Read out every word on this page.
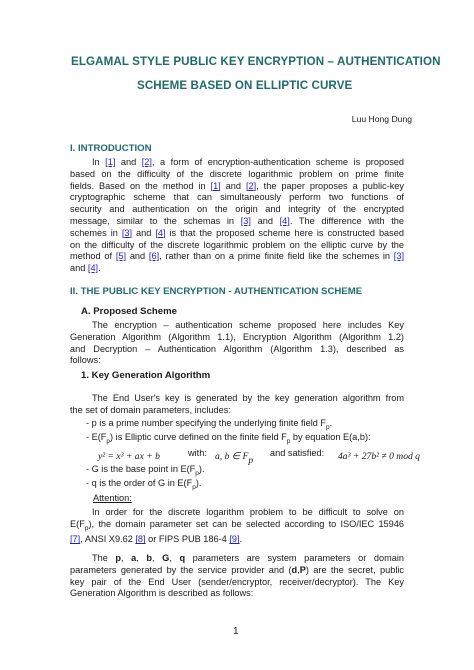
ELGAMAL STYLE PUBLIC KEY ENCRYPTION – AUTHENTICATION
SCHEME BASED ON ELLIPTIC CURVE
Luu Hong Dung
I. INTRODUCTION
In [1] and [2], a form of encryption-authentication scheme is proposed
based on the difficulty of the discrete logarithmic problem on prime finite
fields. Based on the method in [1] and [2], the paper proposes a public-key
cryptographic scheme that can simultaneously perform two functions of
security and authentication on the origin and integrity of the encrypted
message, similar to the schemas in [3] and [4]. The difference with the
schemes in [3] and [4] is that the proposed scheme here is constructed based
on the difficulty of the discrete logarithmic problem on the elliptic curve by the
method of [5] and [6], rather than on a prime finite field like the schemes in [3]
and [4].
II. THE PUBLIC KEY ENCRYPTION - AUTHENTICATION SCHEME
A. Proposed Scheme
The encryption – authentication scheme proposed here includes Key
Generation Algorithm (Algorithm 1.1), Encryption Algorithm (Algorithm 1.2)
and Decryption – Authentication Algorithm (Algorithm 1.3), described as
follows:
1. Key Generation Algorithm
The End User's key is generated by the key generation algorithm from
the set of domain parameters, includes:
- p is a prime number specifying the underlying finite field $F_p$.
- $E(F_p)$ is Elliptic curve defined on the finite field $F_p$ by equation E(a,b):
y² = x³ + ax + b	with: a, b ∈ $F_p$
and satisfied: 4a³ + 27b² ≠ 0 mod q
- G is the base point in $E(F_p)$.
- q is the order of G in $E(F_p)$.
Attention:
In order for the discrete logarithm problem to be difficult to solve on
$E(F_p)$, the domain parameter set can be selected according to ISO/IEC 15946
[7], ANSI X9.62 [8] or FIPS PUB 186-4 [9].
The p, a, b, G, q parameters are system parameters or domain
parameters generated by the service provider and (d,P) are the secret, public
key pair of the End User (sender/encryptor, receiver/decryptor). The Key
Generation Algorithm is described as follows:
1
